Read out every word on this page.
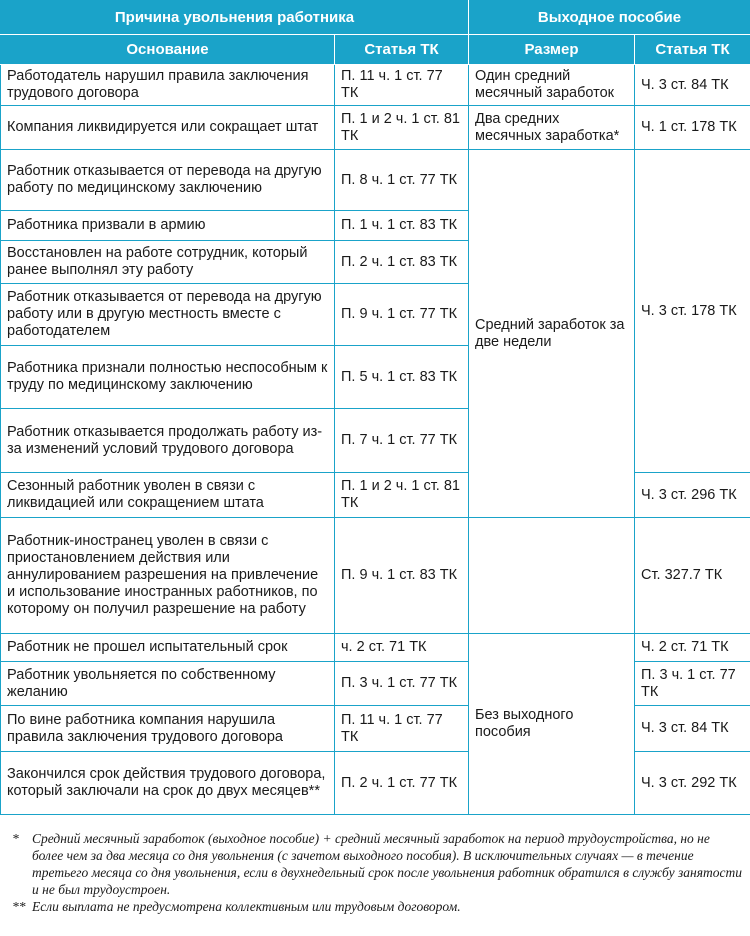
Причина увольнения работника		Выходное пособие	
Основание	Статья ТК	Размер	Статья ТК
Работодатель нарушил правила заключения трудового договора	П. 11 ч. 1 ст. 77 ТК	Один средний месячный заработок	Ч. 3 ст. 84 ТК
Компания ликвидируется или сокращает штат	П. 1 и 2 ч. 1 ст. 81 ТК	Два средних месячных заработка*	Ч. 1 ст. 178 ТК
Работник отказывается от перевода на другую работу по медицинскому заключению	П. 8 ч. 1 ст. 77 ТК	Средний заработок за две недели	Ч. 3 ст. 178 ТК
Работника призвали в армию	П. 1 ч. 1 ст. 83 ТК		
Восстановлен на работе сотрудник, который ранее выполнял эту работу	П. 2 ч. 1 ст. 83 ТК		
Работник отказывается от перевода на другую работу или в другую местность вместе с работодателем	П. 9 ч. 1 ст. 77 ТК		
Работника признали полностью неспособным к труду по медицинскому заключению	П. 5 ч. 1 ст. 83 ТК		
Работник отказывается продолжать работу из-за изменений условий трудового договора	П. 7 ч. 1 ст. 77 ТК		
Сезонный работник уволен в связи с ликвидацией или сокращением штата	П. 1 и 2 ч. 1 ст. 81 ТК		Ч. 3 ст. 296 ТК
Работник-иностранец уволен в связи с приостановлением действия или аннулированием разрешения на привлечение и использование иностранных работников, по которому он получил разрешение на работу	П. 9 ч. 1 ст. 83 ТК		Ст. 327.7 ТК
Работник не прошел испытательный срок	ч. 2 ст. 71 ТК	Без выходного пособия	Ч. 2 ст. 71 ТК
Работник увольняется по собственному желанию	П. 3 ч. 1 ст. 77 ТК		П. 3 ч. 1 ст. 77 ТК
По вине работника компания нарушила правила заключения трудового договора	П. 11 ч. 1 ст. 77 ТК		Ч. 3 ст. 84 ТК
Закончился срок действия трудового договора, который заключали на срок до двух месяцев**	П. 2 ч. 1 ст. 77 ТК		Ч. 3 ст. 292 ТК
* Средний месячный заработок (выходное пособие) + средний месячный заработок на период трудоустройства, но не более чем за два месяца со дня увольнения (с зачетом выходного пособия). В исключительных случаях — в течение третьего месяца со дня увольнения, если в двухнедельный срок после увольнения работник обратился в службу занятости и не был трудоустроен.
** Если выплата не предусмотрена коллективным или трудовым договором.
